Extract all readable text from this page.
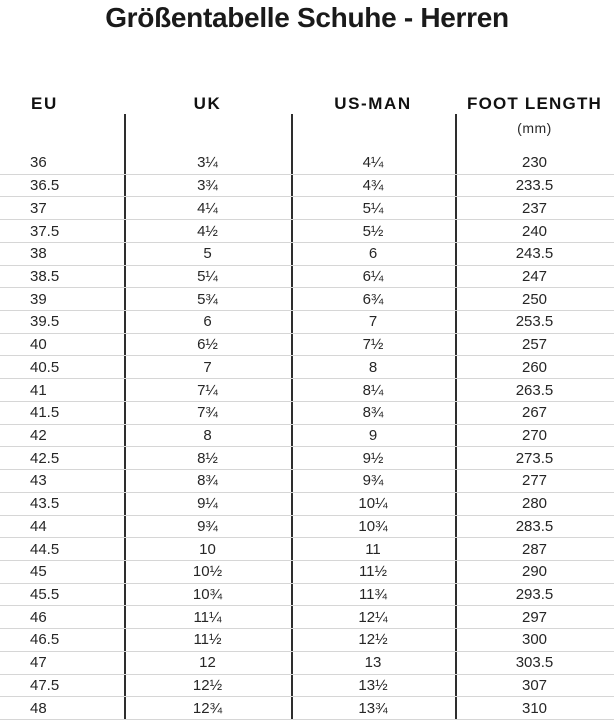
Größentabelle Schuhe - Herren
EU	UK	US-MAN	FOOT LENGTH
(mm)
36	3¼	4¼	230
36.5	3¾	4¾	233.5
37	4¼	5¼	237
37.5	4½	5½	240
38	5	6	243.5
38.5	5¼	6¼	247
39	5¾	6¾	250
39.5	6	7	253.5
40	6½	7½	257
40.5	7	8	260
41	7¼	8¼	263.5
41.5	7¾	8¾	267
42	8	9	270
42.5	8½	9½	273.5
43	8¾	9¾	277
43.5	9¼	10¼	280
44	9¾	10¾	283.5
44.5	10	11	287
45	10½	11½	290
45.5	10¾	11¾	293.5
46	11¼	12¼	297
46.5	11½	12½	300
47	12	13	303.5
47.5	12½	13½	307
48	12¾	13¾	310
